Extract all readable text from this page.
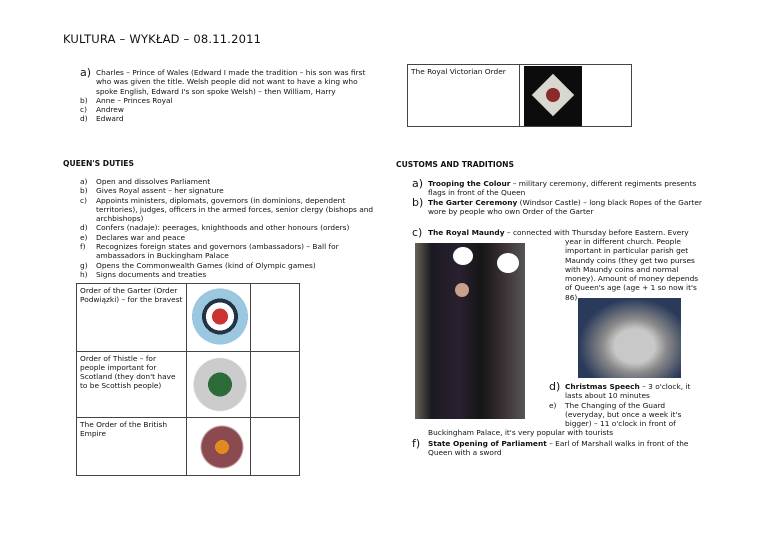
KULTURA – WYKŁAD – 08.11.2011
a) Charles – Prince of Wales (Edward I made the tradition – his son was first who was given the title. Welsh people did not want to have a king who spoke English, Edward I's son spoke Welsh) – then William, Harry
b) Anne – Princes Royal
c) Andrew
d) Edward
The Royal Victorian Order	
QUEEN'S DUTIES
a) Open and dissolves Parliament
b) Gives Royal assent – her signature
c) Appoints ministers, diplomats, governors (in dominions, dependent territories), judges, officers in the armed forces, senior clergy (bishops and archbishops)
d) Confers (nadaje): peerages, knighthoods and other honours (orders)
e) Declares war and peace
f) Recognizes foreign states and governors (ambassadors) – Ball for ambassadors in Buckingham Palace
g) Opens the Commonwealth Games (kind of Olympic games)
h) Signs documents and treaties
Order of the Garter (Order Podwiązki) – for the bravest	

Order of Thistle – for people important for Scotland (they don't have to be Scottish people)	

The Order of the British Empire	

CUSTOMS AND TRADITIONS
a) Trooping the Colour – military ceremony, different regiments presents flags in front of the Queen
b) The Garter Ceremony (Windsor Castle) – long black Ropes of the Garter wore by people who own Order of the Garter
c) The Royal Maundy – connected with Thursday before Eastern. Every
year in different church. People important in particular parish get Maundy coins (they get two purses with Maundy coins and normal money). Amount of money depends of Queen's age (age + 1 so now it's 86)
d) Christmas Speech – 3 o'clock, it lasts about 10 minutes
e) The Changing of the Guard (everyday, but once a week it's bigger) – 11 o'clock in front of
Buckingham Palace, it's very popular with tourists
f) State Opening of Parliament – Earl of Marshall walks in front of the Queen with a sword
